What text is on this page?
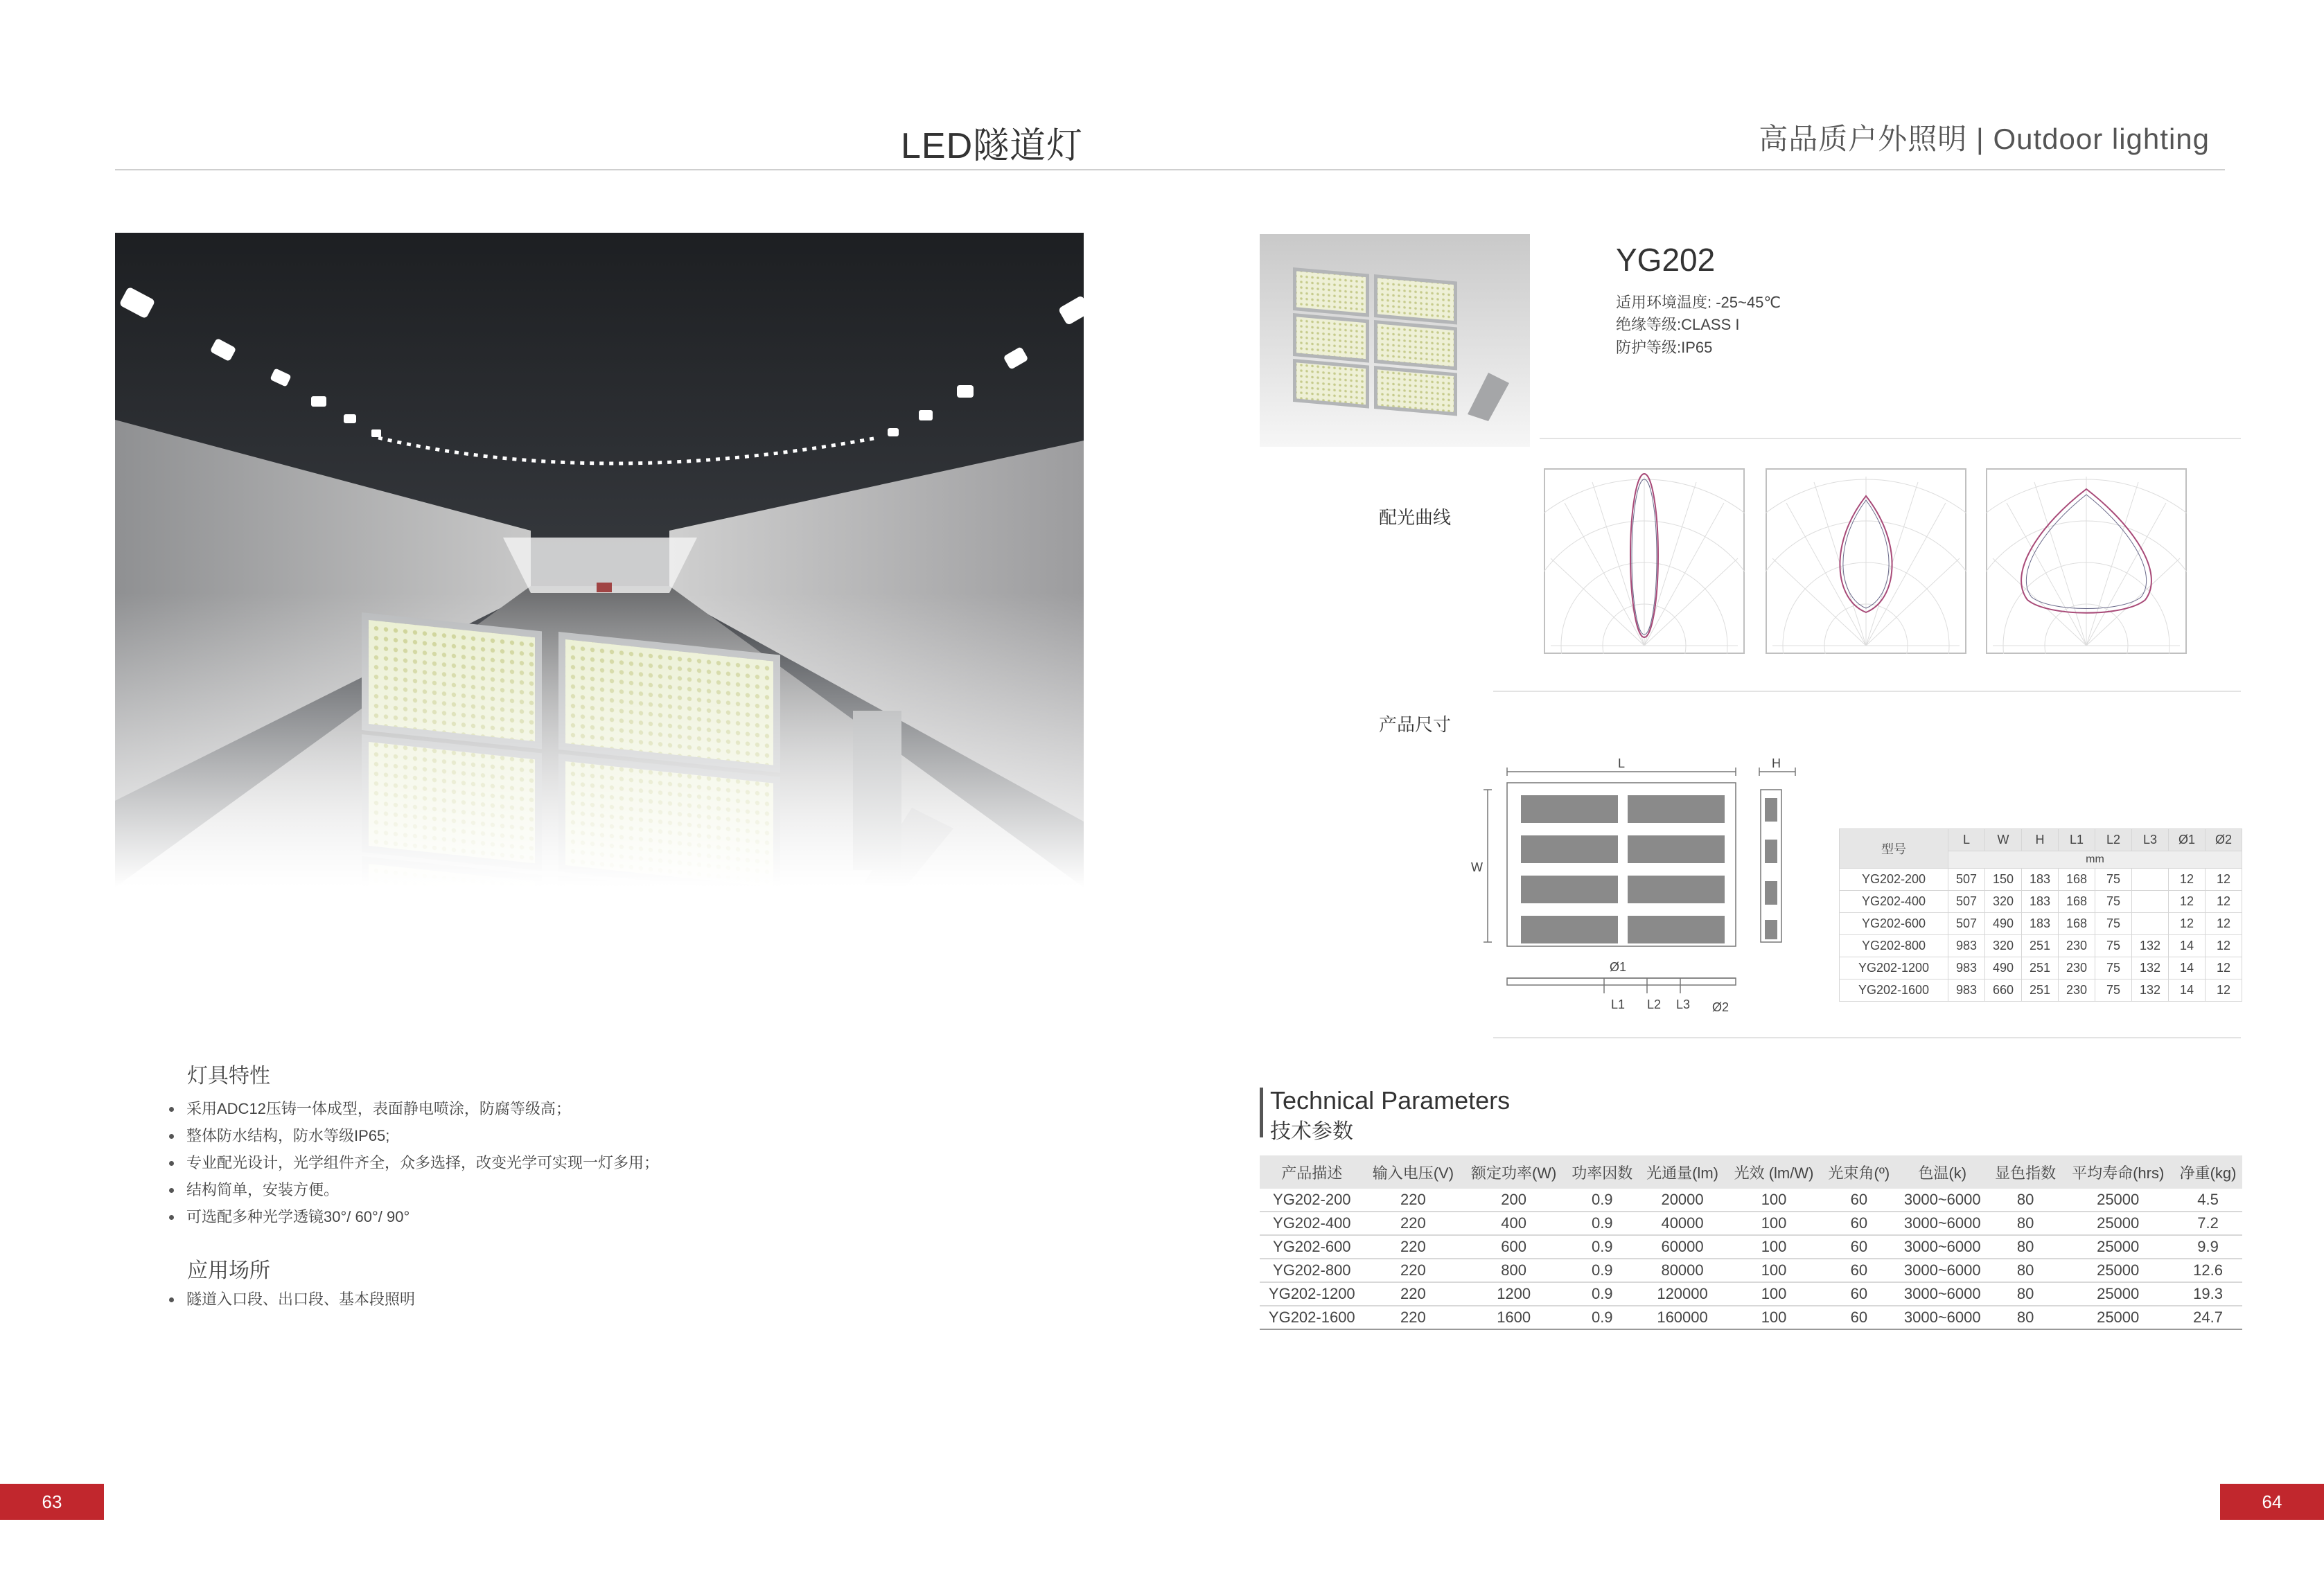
LED隧道灯	高品质户外照明 | Outdoor lighting
灯具特性
采用ADC12压铸一体成型，表面静电喷涂，防腐等级高；
整体防水结构，防水等级IP65;
专业配光设计，光学组件齐全，众多选择，改变光学可实现一灯多用；
结构简单，安装方便。
可选配多种光学透镜30°/ 60°/ 90°
应用场所
隧道入口段、出口段、基本段照明
YG202
适用环境温度: -25~45℃
绝缘等级:CLASS I
防护等级:IP65
配光曲线
产品尺寸
L
W
H
Ø1
L1 L2 L3 Ø2
型号	L	W	H	L1	L2	L3	Ø1	Ø2
	mm							
YG202-200	507	150	183	168	75		12	12
YG202-400	507	320	183	168	75		12	12
YG202-600	507	490	183	168	75		12	12
YG202-800	983	320	251	230	75	132	14	12
YG202-1200	983	490	251	230	75	132	14	12
YG202-1600	983	660	251	230	75	132	14	12
Technical Parameters
技术参数
产品描述	输入电压(V)	额定功率(W)	功率因数	光通量(lm)	光效 (lm/W)	光束角(º)	色温(k)	显色指数	平均寿命(hrs)	净重(kg)
YG202-200	220	200	0.9	20000	100	60	3000~6000	80	25000	4.5
YG202-400	220	400	0.9	40000	100	60	3000~6000	80	25000	7.2
YG202-600	220	600	0.9	60000	100	60	3000~6000	80	25000	9.9
YG202-800	220	800	0.9	80000	100	60	3000~6000	80	25000	12.6
YG202-1200	220	1200	0.9	120000	100	60	3000~6000	80	25000	19.3
YG202-1600	220	1600	0.9	160000	100	60	3000~6000	80	25000	24.7
63	64
